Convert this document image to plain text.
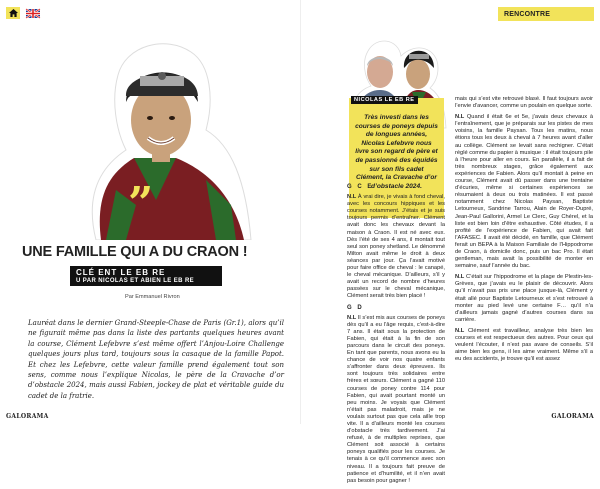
”
UNE FAMILLE QUI A DU CRAON !
CLÉ ENT LE EB RE
U PAR NICOLAS ET ABIEN LE EB RE
Par Emmanuel Rivron
Lauréat dans le dernier Grand-Steeple-Chase de Paris (Gr.1), alors qu’il ne figurait même pas dans la liste des partants quelques heures avant la course, Clément Lefebvre s’est même offert l’Anjou-Loire Challenge quelques jours plus tard, toujours sous la casaque de la famille Papot. Et chez les Lefebvre, cette valeur famille prend également tout son sens, comme nous l’explique Nicolas, le père de la Cravache d’or d’obstacle 2024, mais aussi Fabien, jockey de plat et véritable guide du cadet de la fratrie.
GALORAMA
RENCONTRE
Très investi dans les courses de poneys depuis de longues années, Nicolas Lefebvre nous livre son regard de père et de passionné des équidés sur son fils cadet Clément, la Cravache d’or d’obstacle 2024.
NICOLAS LE EB RE
G C E

N.L À vrai dire, je vivais à fond cheval, avec les concours hippiques et les courses notamment. J’étais et je suis toujours permis d’entraîner. Clément avait donc les chevaux devant la maison à Craon. Il est né avec eux. Dès l’été de ses 4 ans, il montait tout seul son poney shetland. Le dénommé Milton avait même le droit à deux séances par jour. Ça l’avait motivé pour faire office de cheval : le canapé, le cheval mécanique. D’ailleurs, s’il y avait un record de nombre d’heures passées sur le cheval mécanique, Clément serait très bien placé !

G D

N.L Il s’est mis aux courses de poneys dès qu’il a eu l’âge requis, c’est-à-dire 7 ans. Il était sous la protection de Fabien, qui était à la fin de son parcours dans le circuit des poneys. En tant que parents, nous avons eu la chance de voir nos quatre enfants s’affronter dans deux épreuves. Ils sont toujours très solidaires entre frères et sœurs. Clément a gagné 110 courses de poney contre 114 pour Fabien, qui avait pourtant monté un peu moins. Je voyais que Clément n’était pas maladroit, mais je ne voulais surtout pas que cela aille trop vite. Il a d’ailleurs monté les courses d’obstacle très tardivement. J’ai refusé, à de multiples reprises, que Clément soit associé à certains poneys qualifiés pour les courses. Je tenais à ce qu’il commence avec son niveau. Il a toujours fait preuve de patience et d’humilité, et il n’en avait pas besoin pour gagner !

mais qui s’est vite retrouvé blasé. Il faut toujours avoir l’envie d’avancer, comme un poulain en quelque sorte.

N.L Quand il était 6e et 5e, j’avais deux chevaux à l’entraînement, que je préparais sur les pistes de mes voisins, la famille Paysan. Tous les matins, nous étions tous les deux à cheval à 7 heures avant d’aller au collège. Clément se levait sans rechigner. C’était réglé comme du papier à musique : il était toujours pile à l’heure pour aller en cours. En parallèle, il a fait de très nombreux stages, grâce également aux expériences de Fabien. Alors qu’il montait à peine en course, Clément avait dû passer dans une trentaine d’écuries, même si certaines expériences se résumaient à deux ou trois matinées. Il est passé notamment chez Nicolas Paysan, Baptiste Letourneux, Sandrine Tarrou, Alain de Royer-Dupré, Jean-Paul Gallorini, Armel Le Clerc, Guy Chérel, et la liste est bien loin d’être exhaustive. Côté études, il a profité de l’expérience de Fabien, qui avait fait l’AFASEC. Il avait été décidé, en famille, que Clément ferait un BEPA à la Maison Familiale de l’Hippodrome de Craon, à domicile donc, puis un bac Pro. Il était gentleman, mais avait la possibilité de monter en semaine, sauf l’année du bac.

N.L C’était sur l’hippodrome et la plage de Plestin-les-Grèves, que j’avais eu le plaisir de découvrir. Alors qu’il n’avait pas pris une place jusque-là, Clément y était allé pour Baptiste Letourneux et s’est retrouvé à monter au pied levé une certaine F… qu’il n’a d’ailleurs jamais gagné d’autres courses dans sa carrière.

N.L Clément est travailleur, analyse très bien les courses et est respectueux des autres. Pour ceux qui veulent l’écouter, il n’est pas avare de conseils. S’il aime bien les gens, il les aime vraiment. Même s’il a eu des accidents, je trouve qu’il est assez

GALORAMA
